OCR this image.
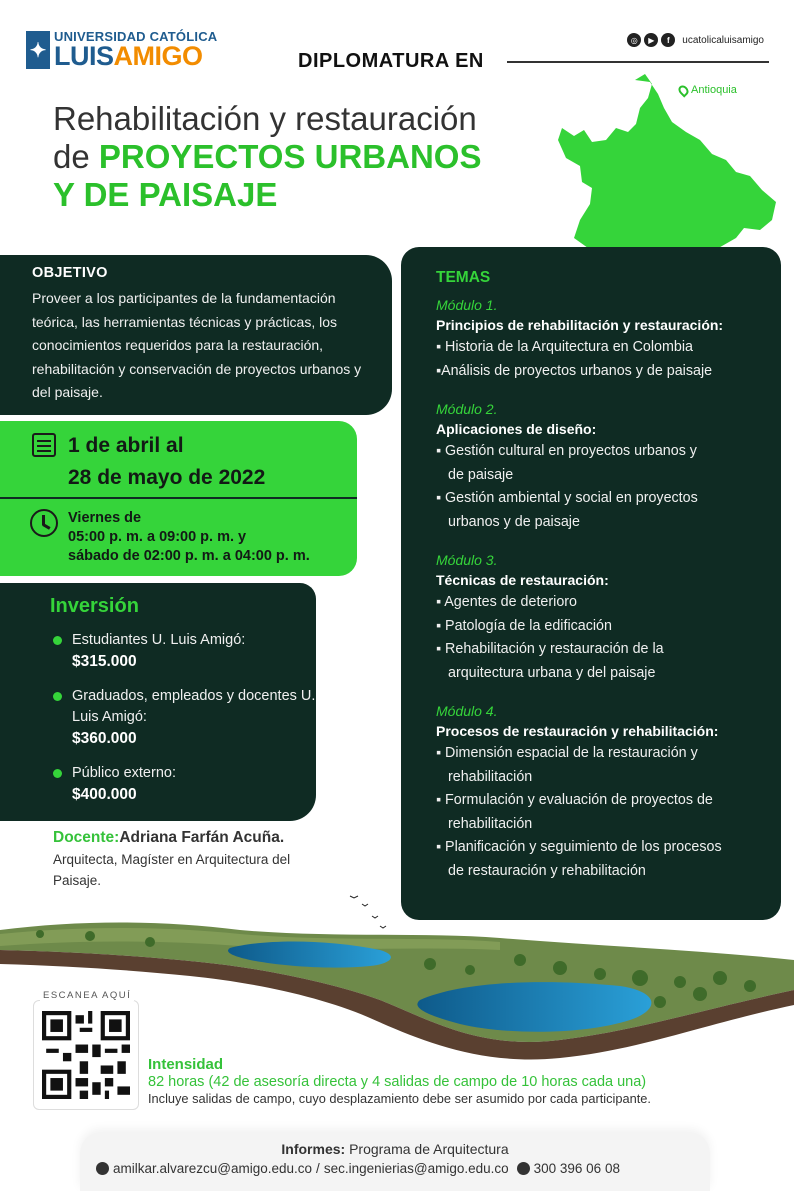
✦
UNIVERSIDAD CATÓLICA
LUISAMIGO
◎	▶	f	ucatolicaluisamigo
DIPLOMATURA EN
Rehabilitación y restauración
de PROYECTOS URBANOS
Y DE PAISAJE
Antioquia
OBJETIVO

Proveer a los participantes de la fundamentación teórica, las herramientas técnicas y prácticas, los conocimientos requeridos para la restauración, rehabilitación y conservación de proyectos urbanos y del paisaje.

1 de abril al
28 de mayo de 2022
Viernes de
05:00 p. m. a 09:00 p. m. y
sábado de 02:00 p. m. a 04:00 p. m.
Inversión
Estudiantes U. Luis Amigó:
$315.000
Graduados, empleados y docentes U. Luis Amigó:
$360.000
Público externo:
$400.000
Docente:Adriana Farfán Acuña.
Arquitecta, Magíster en Arquitectura del Paisaje.
TEMAS
Módulo 1.
Principios de rehabilitación y restauración:
▪ Historia de la Arquitectura en Colombia
▪Análisis de proyectos urbanos y de paisaje
Módulo 2.
Aplicaciones de diseño:
▪ Gestión cultural en proyectos urbanos y
de paisaje
▪ Gestión ambiental y social en proyectos
urbanos y de paisaje
Módulo 3.
Técnicas de restauración:
▪ Agentes de deterioro
▪ Patología de la edificación
▪ Rehabilitación y restauración de la
arquitectura urbana y del paisaje
Módulo 4.
Procesos de restauración y rehabilitación:
▪ Dimensión espacial de la restauración y
rehabilitación
▪ Formulación y evaluación de proyectos de
rehabilitación
▪ Planificación y seguimiento de los procesos
de restauración y rehabilitación
ESCANEA AQUÍ
Intensidad
82 horas (42 de asesoría directa y 4 salidas de campo de 10 horas cada una)
Incluye salidas de campo, cuyo desplazamiento debe ser asumido por cada participante.
Informes: Programa de Arquitectura
amilkar.alvarezcu@amigo.edu.co / sec.ingenierias@amigo.edu.co 300 396 06 08
